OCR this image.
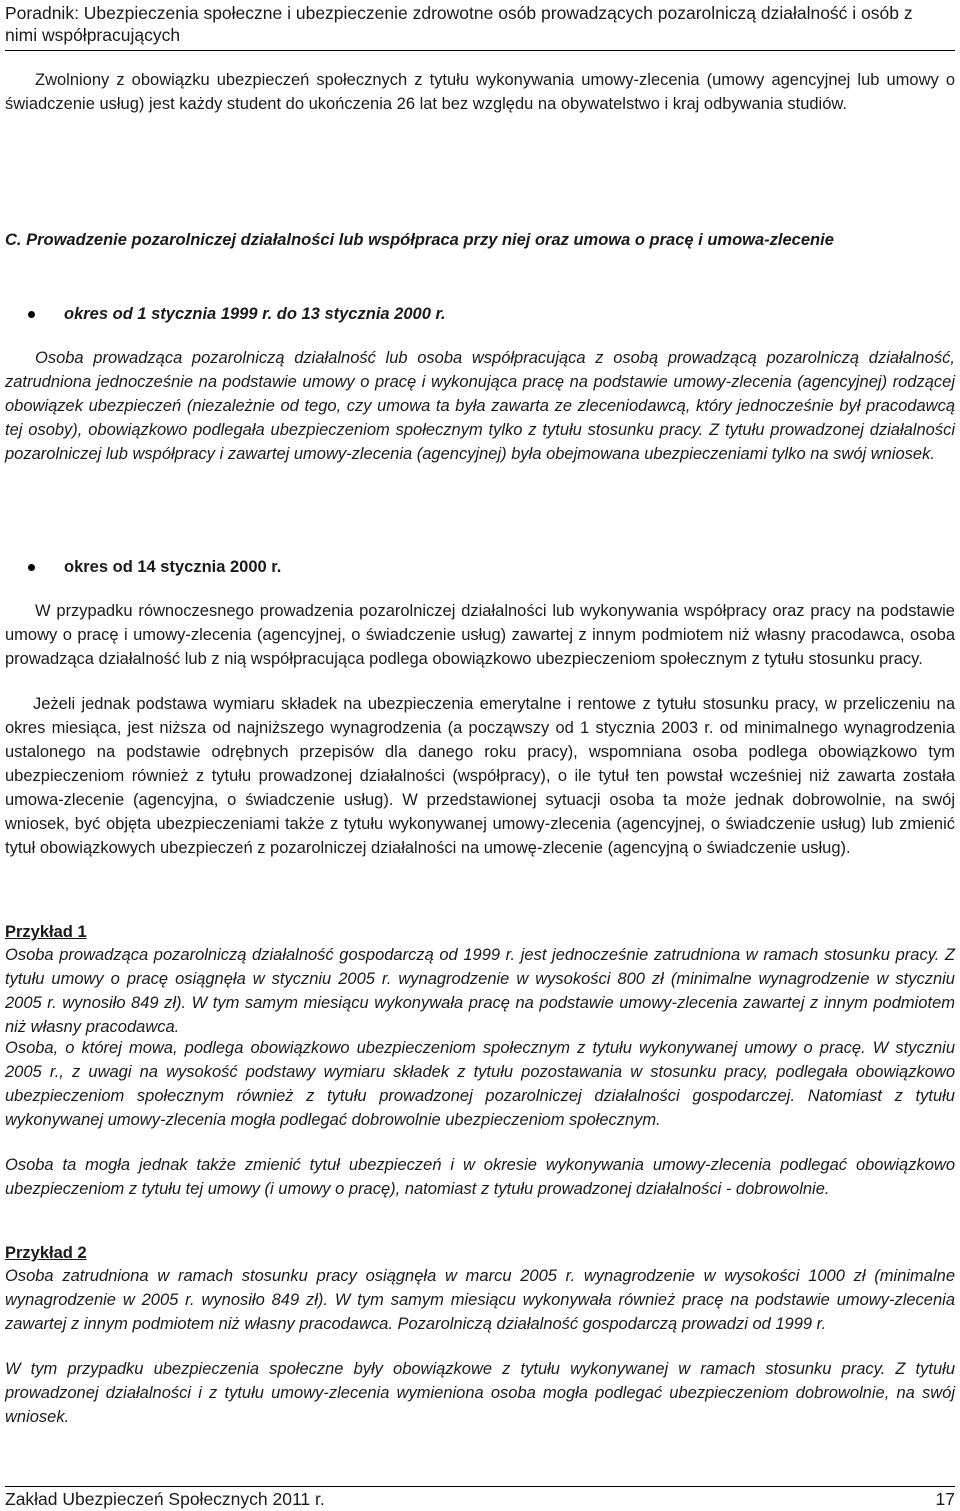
Poradnik: Ubezpieczenia społeczne i ubezpieczenie zdrowotne osób prowadzących pozarolniczą działalność i osób z nimi współpracujących

Zwolniony z obowiązku ubezpieczeń społecznych z tytułu wykonywania umowy-zlecenia (umowy agencyjnej lub umowy o świadczenie usług) jest każdy student do ukończenia 26 lat bez względu na obywatelstwo i kraj odbywania studiów.

C. Prowadzenie pozarolniczej działalności lub współpraca przy niej oraz umowa o pracę i umowa-zlecenie

okres od 1 stycznia 1999 r. do 13 stycznia 2000 r.

Osoba prowadząca pozarolniczą działalność lub osoba współpracująca z osobą prowadzącą pozarolniczą działalność, zatrudniona jednocześnie na podstawie umowy o pracę i wykonująca pracę na podstawie umowy-zlecenia (agencyjnej) rodzącej obowiązek ubezpieczeń (niezależnie od tego, czy umowa ta była zawarta ze zleceniodawcą, który jednocześnie był pracodawcą tej osoby), obowiązkowo podlegała ubezpieczeniom społecznym tylko z tytułu stosunku pracy. Z tytułu prowadzonej działalności pozarolniczej lub współpracy i zawartej umowy-zlecenia (agencyjnej) była obejmowana ubezpieczeniami tylko na swój wniosek.

okres od 14 stycznia 2000 r.

W przypadku równoczesnego prowadzenia pozarolniczej działalności lub wykonywania współpracy oraz pracy na podstawie umowy o pracę i umowy-zlecenia (agencyjnej, o świadczenie usług) zawartej z innym podmiotem niż własny pracodawca, osoba prowadząca działalność lub z nią współpracująca podlega obowiązkowo ubezpieczeniom społecznym z tytułu stosunku pracy.

Jeżeli jednak podstawa wymiaru składek na ubezpieczenia emerytalne i rentowe z tytułu stosunku pracy, w przeliczeniu na okres miesiąca, jest niższa od najniższego wynagrodzenia (a począwszy od 1 stycznia 2003 r. od minimalnego wynagrodzenia ustalonego na podstawie odrębnych przepisów dla danego roku pracy), wspomniana osoba podlega obowiązkowo tym ubezpieczeniom również z tytułu prowadzonej działalności (współpracy), o ile tytuł ten powstał wcześniej niż zawarta została umowa-zlecenie (agencyjna, o świadczenie usług). W przedstawionej sytuacji osoba ta może jednak dobrowolnie, na swój wniosek, być objęta ubezpieczeniami także z tytułu wykonywanej umowy-zlecenia (agencyjnej, o świadczenie usług) lub zmienić tytuł obowiązkowych ubezpieczeń z pozarolniczej działalności na umowę-zlecenie (agencyjną o świadczenie usług).

Przykład 1

Osoba prowadząca pozarolniczą działalność gospodarczą od 1999 r. jest jednocześnie zatrudniona w ramach stosunku pracy. Z tytułu umowy o pracę osiągnęła w styczniu 2005 r. wynagrodzenie w wysokości 800 zł (minimalne wynagrodzenie w styczniu 2005 r. wynosiło 849 zł). W tym samym miesiącu wykonywała pracę na podstawie umowy-zlecenia zawartej z innym podmiotem niż własny pracodawca.

Osoba, o której mowa, podlega obowiązkowo ubezpieczeniom społecznym z tytułu wykonywanej umowy o pracę. W styczniu 2005 r., z uwagi na wysokość podstawy wymiaru składek z tytułu pozostawania w stosunku pracy, podlegała obowiązkowo ubezpieczeniom społecznym również z tytułu prowadzonej pozarolniczej działalności gospodarczej. Natomiast z tytułu wykonywanej umowy-zlecenia mogła podlegać dobrowolnie ubezpieczeniom społecznym.

Osoba ta mogła jednak także zmienić tytuł ubezpieczeń i w okresie wykonywania umowy-zlecenia podlegać obowiązkowo ubezpieczeniom z tytułu tej umowy (i umowy o pracę), natomiast z tytułu prowadzonej działalności - dobrowolnie.

Przykład 2

Osoba zatrudniona w ramach stosunku pracy osiągnęła w marcu 2005 r. wynagrodzenie w wysokości 1000 zł (minimalne wynagrodzenie w 2005 r. wynosiło 849 zł). W tym samym miesiącu wykonywała również pracę na podstawie umowy-zlecenia zawartej z innym podmiotem niż własny pracodawca. Pozarolniczą działalność gospodarczą prowadzi od 1999 r.

W tym przypadku ubezpieczenia społeczne były obowiązkowe z tytułu wykonywanej w ramach stosunku pracy. Z tytułu prowadzonej działalności i z tytułu umowy-zlecenia wymieniona osoba mogła podlegać ubezpieczeniom dobrowolnie, na swój wniosek.

Zakład Ubezpieczeń Społecznych 2011 r.	17
